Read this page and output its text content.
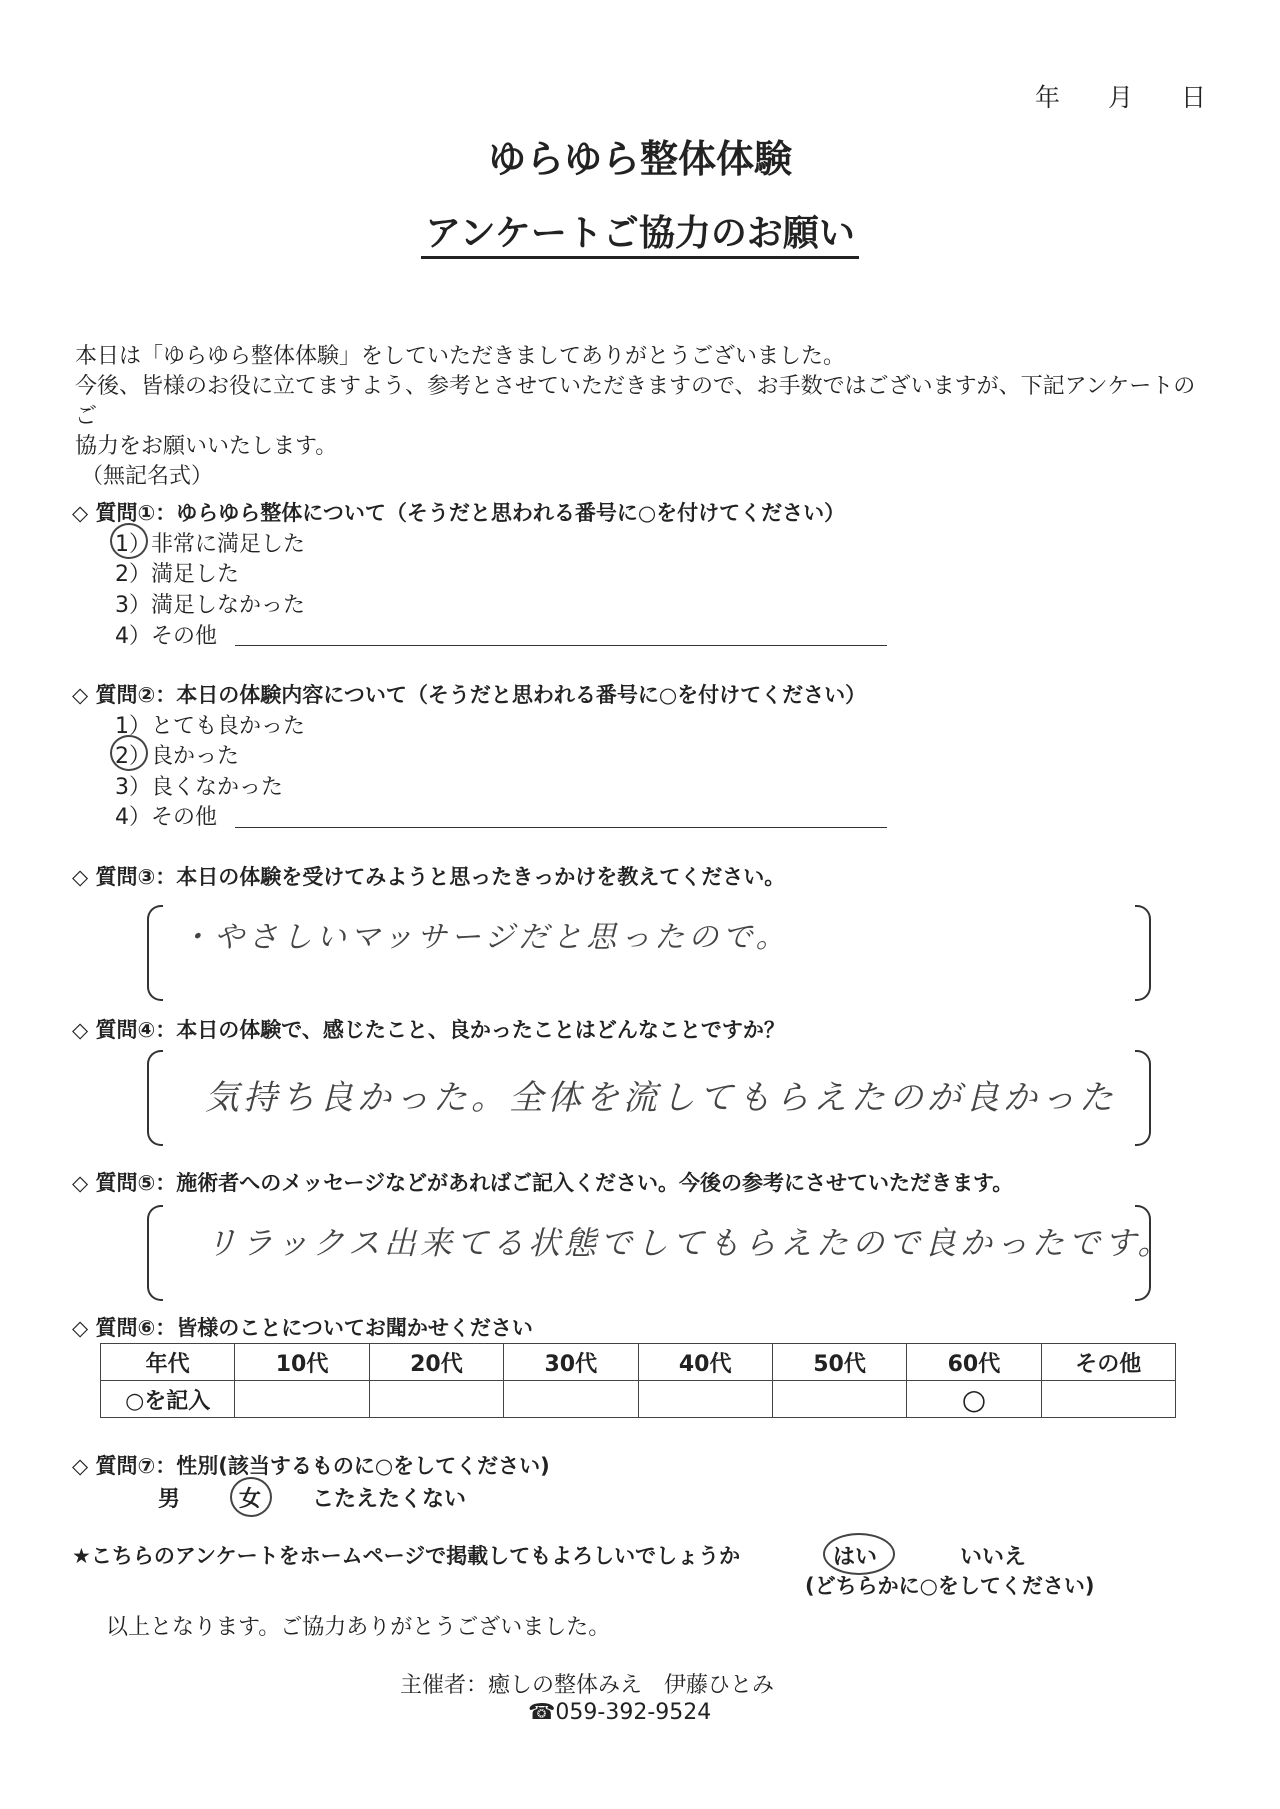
年 月 日
ゆらゆら整体体験
アンケートご協力のお願い
本日は「ゆらゆら整体体験」をしていただきましてありがとうございました。
今後、皆様のお役に立てますよう、参考とさせていただきますので、お手数ではございますが、下記アンケートのご
協力をお願いいたします。
（無記名式）
◇ 質問①：ゆらゆら整体について（そうだと思われる番号に○を付けてください）
1）非常に満足した
2）満足した
3）満足しなかった
4）その他
◇ 質問②：本日の体験内容について（そうだと思われる番号に○を付けてください）
1）とても良かった
2）良かった
3）良くなかった
4）その他
◇ 質問③：本日の体験を受けてみようと思ったきっかけを教えてください。
・やさしいマッサージだと思ったので。
◇ 質問④：本日の体験で、感じたこと、良かったことはどんなことですか？
気持ち良かった。全体を流してもらえたのが良かった
◇ 質問⑤：施術者へのメッセージなどがあればご記入ください。今後の参考にさせていただきます。
リラックス出来てる状態でしてもらえたので良かったです。
◇ 質問⑥：皆様のことについてお聞かせください
年代	10代	20代	30代	40代	50代	60代	その他
○を記入						○	
◇ 質問⑦：性別(該当するものに○をしてください)
男	女 こたえたくない
★こちらのアンケートをホームページで掲載してもよろしいでしょうか	はい	いいえ
(どちらかに○をしてください)
以上となります。ご協力ありがとうございました。
主催者：癒しの整体みえ　伊藤ひとみ
☎059-392-9524
